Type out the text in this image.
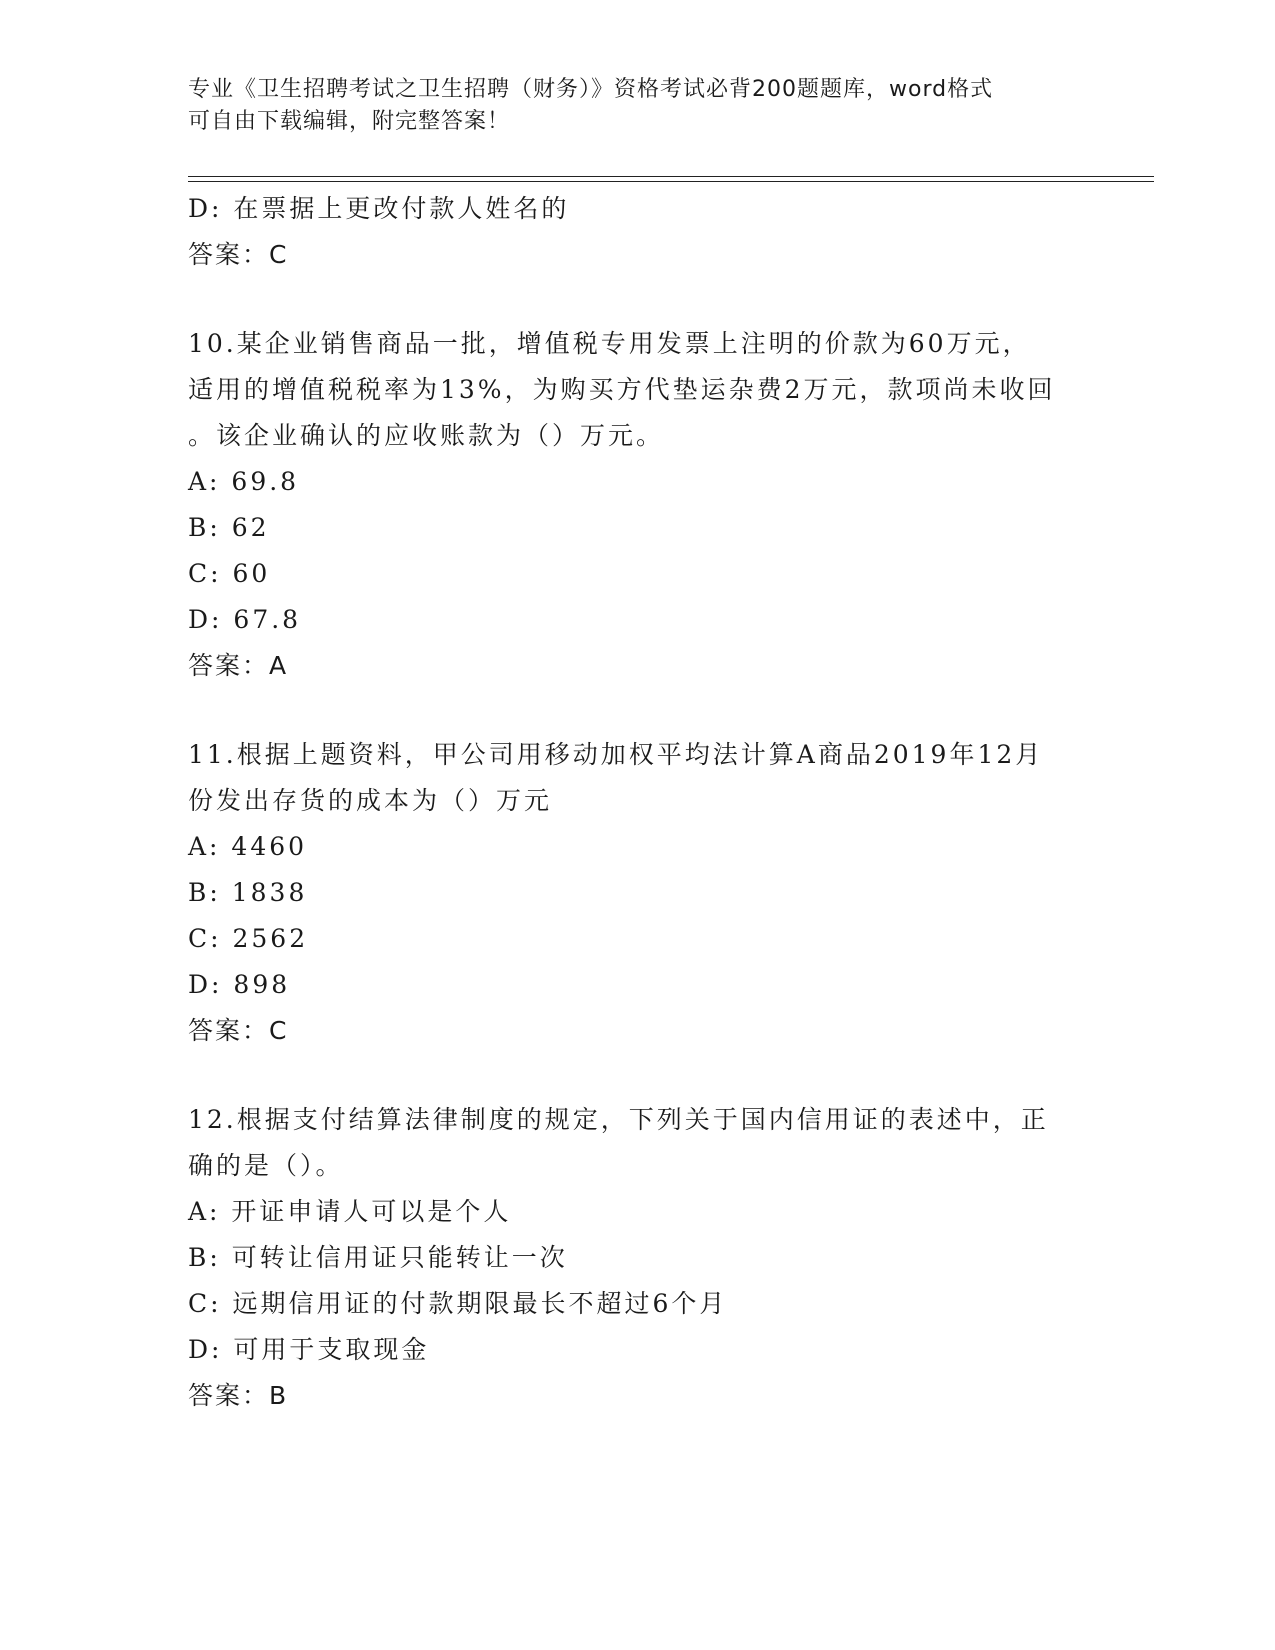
专业《卫生招聘考试之卫生招聘（财务）》资格考试必背200题题库，word格式
可自由下载编辑，附完整答案！
D: 在票据上更改付款人姓名的
答案：C
10.某企业销售商品一批，增值税专用发票上注明的价款为60万元，
适用的增值税税率为13%，为购买方代垫运杂费2万元，款项尚未收回
。该企业确认的应收账款为（）万元。
A: 69.8
B: 62
C: 60
D: 67.8
答案：A
11.根据上题资料，甲公司用移动加权平均法计算A商品2019年12月
份发出存货的成本为（）万元
A: 4460
B: 1838
C: 2562
D: 898
答案：C
12.根据支付结算法律制度的规定，下列关于国内信用证的表述中，正
确的是（）。
A: 开证申请人可以是个人
B: 可转让信用证只能转让一次
C: 远期信用证的付款期限最长不超过6个月
D: 可用于支取现金
答案：B
